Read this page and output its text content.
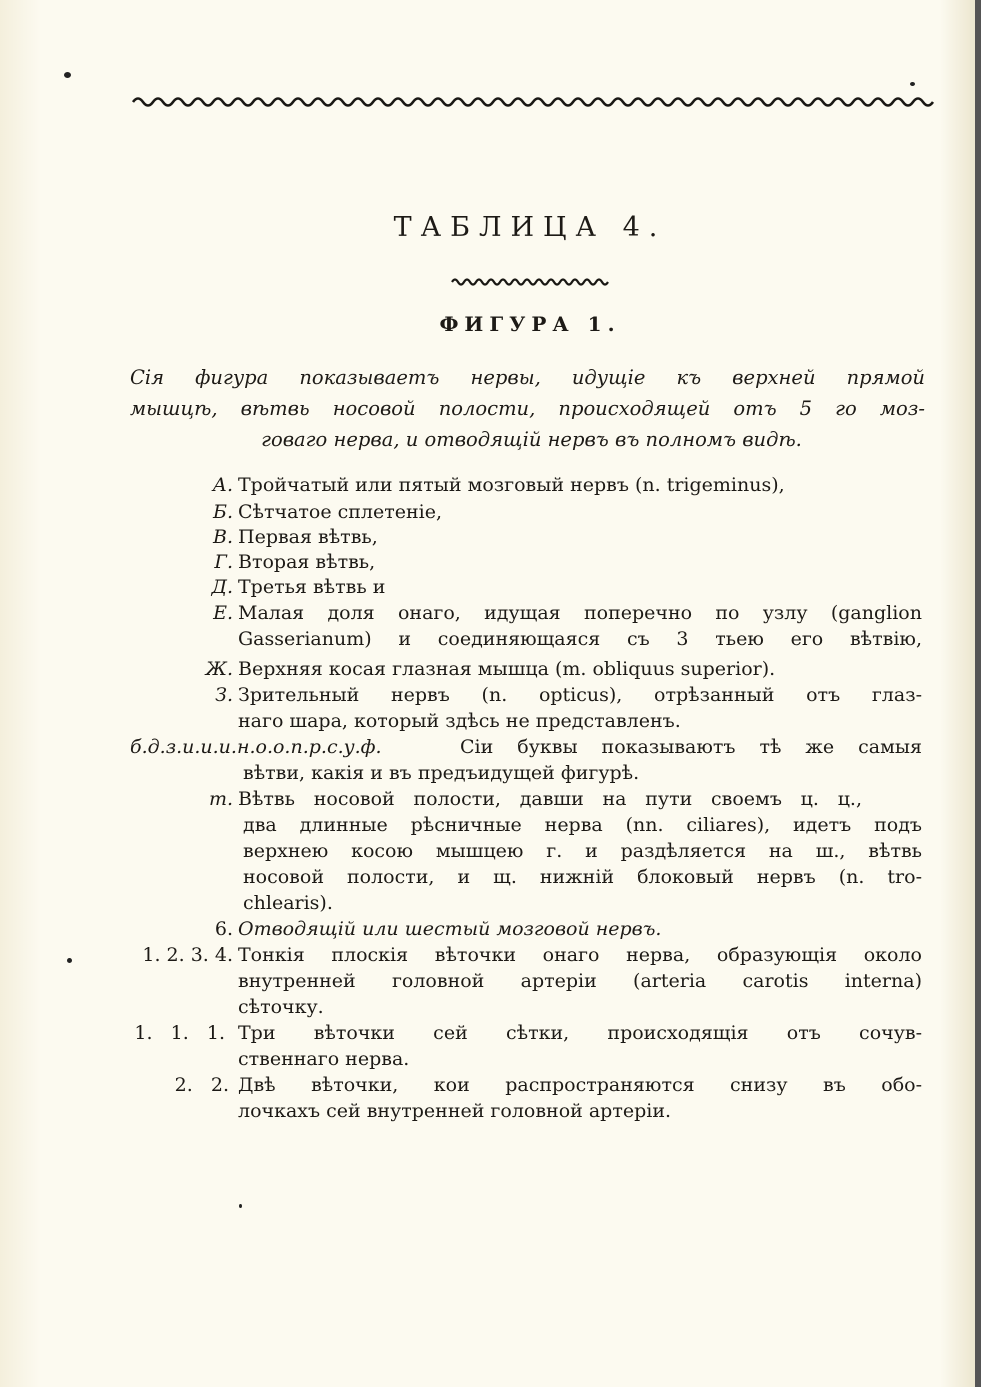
ТАБЛИЦА 4.
ФИГУРА 1.
Сія фигура показываетъ нервы, идущіе къ верхней прямой
мышцѣ, вѣтвь носовой полости, происходящей отъ 5 го моз-
говаго нерва, и отводящій нервъ въ полномъ видѣ.
А. Тройчатый или пятый мозговый нервъ (n. trigeminus),
Б. Сѣтчатое сплетеніе,
В. Первая вѣтвь,
Г. Вторая вѣтвь,
Д. Третья вѣтвь и
Е. Малая доля онаго, идущая поперечно по узлу (ganglion
Gasserianum) и соединяющаяся съ 3 тьею его вѣтвію,
Ж. Верхняя косая глазная мышца (m. obliquus superior).
З. Зрительный нервъ (n. opticus), отрѣзанный отъ глаз-
наго шара, который здѣсь не представленъ.
б.д.з.и.и.и.н.о.о.п.р.с.у.ф.	Сіи буквы показываютъ тѣ же самыя
вѣтви, какія и въ предъидущей фигурѣ.
т. Вѣтвь носовой полости, давши на пути своемъ ц. ц.,
два длинные рѣсничные нерва (nn. ciliares), идетъ подъ
верхнею косою мышцею г. и раздѣляется на ш., вѣтвь
носовой полости, и щ. нижній блоковый нервъ (n. tro-
chlearis).
6. Отводящій или шестый мозговой нервъ.
1. 2. 3. 4. Тонкія плоскія вѣточки онаго нерва, образующія около
внутренней головной артеріи (arteria carotis interna)
сѣточку.
1.   1.   1. Три вѣточки сей сѣтки, происходящія отъ сочув-
ственнаго нерва.
2.   2. Двѣ вѣточки, кои распространяются снизу въ обо-
лочкахъ сей внутренней головной артеріи.
